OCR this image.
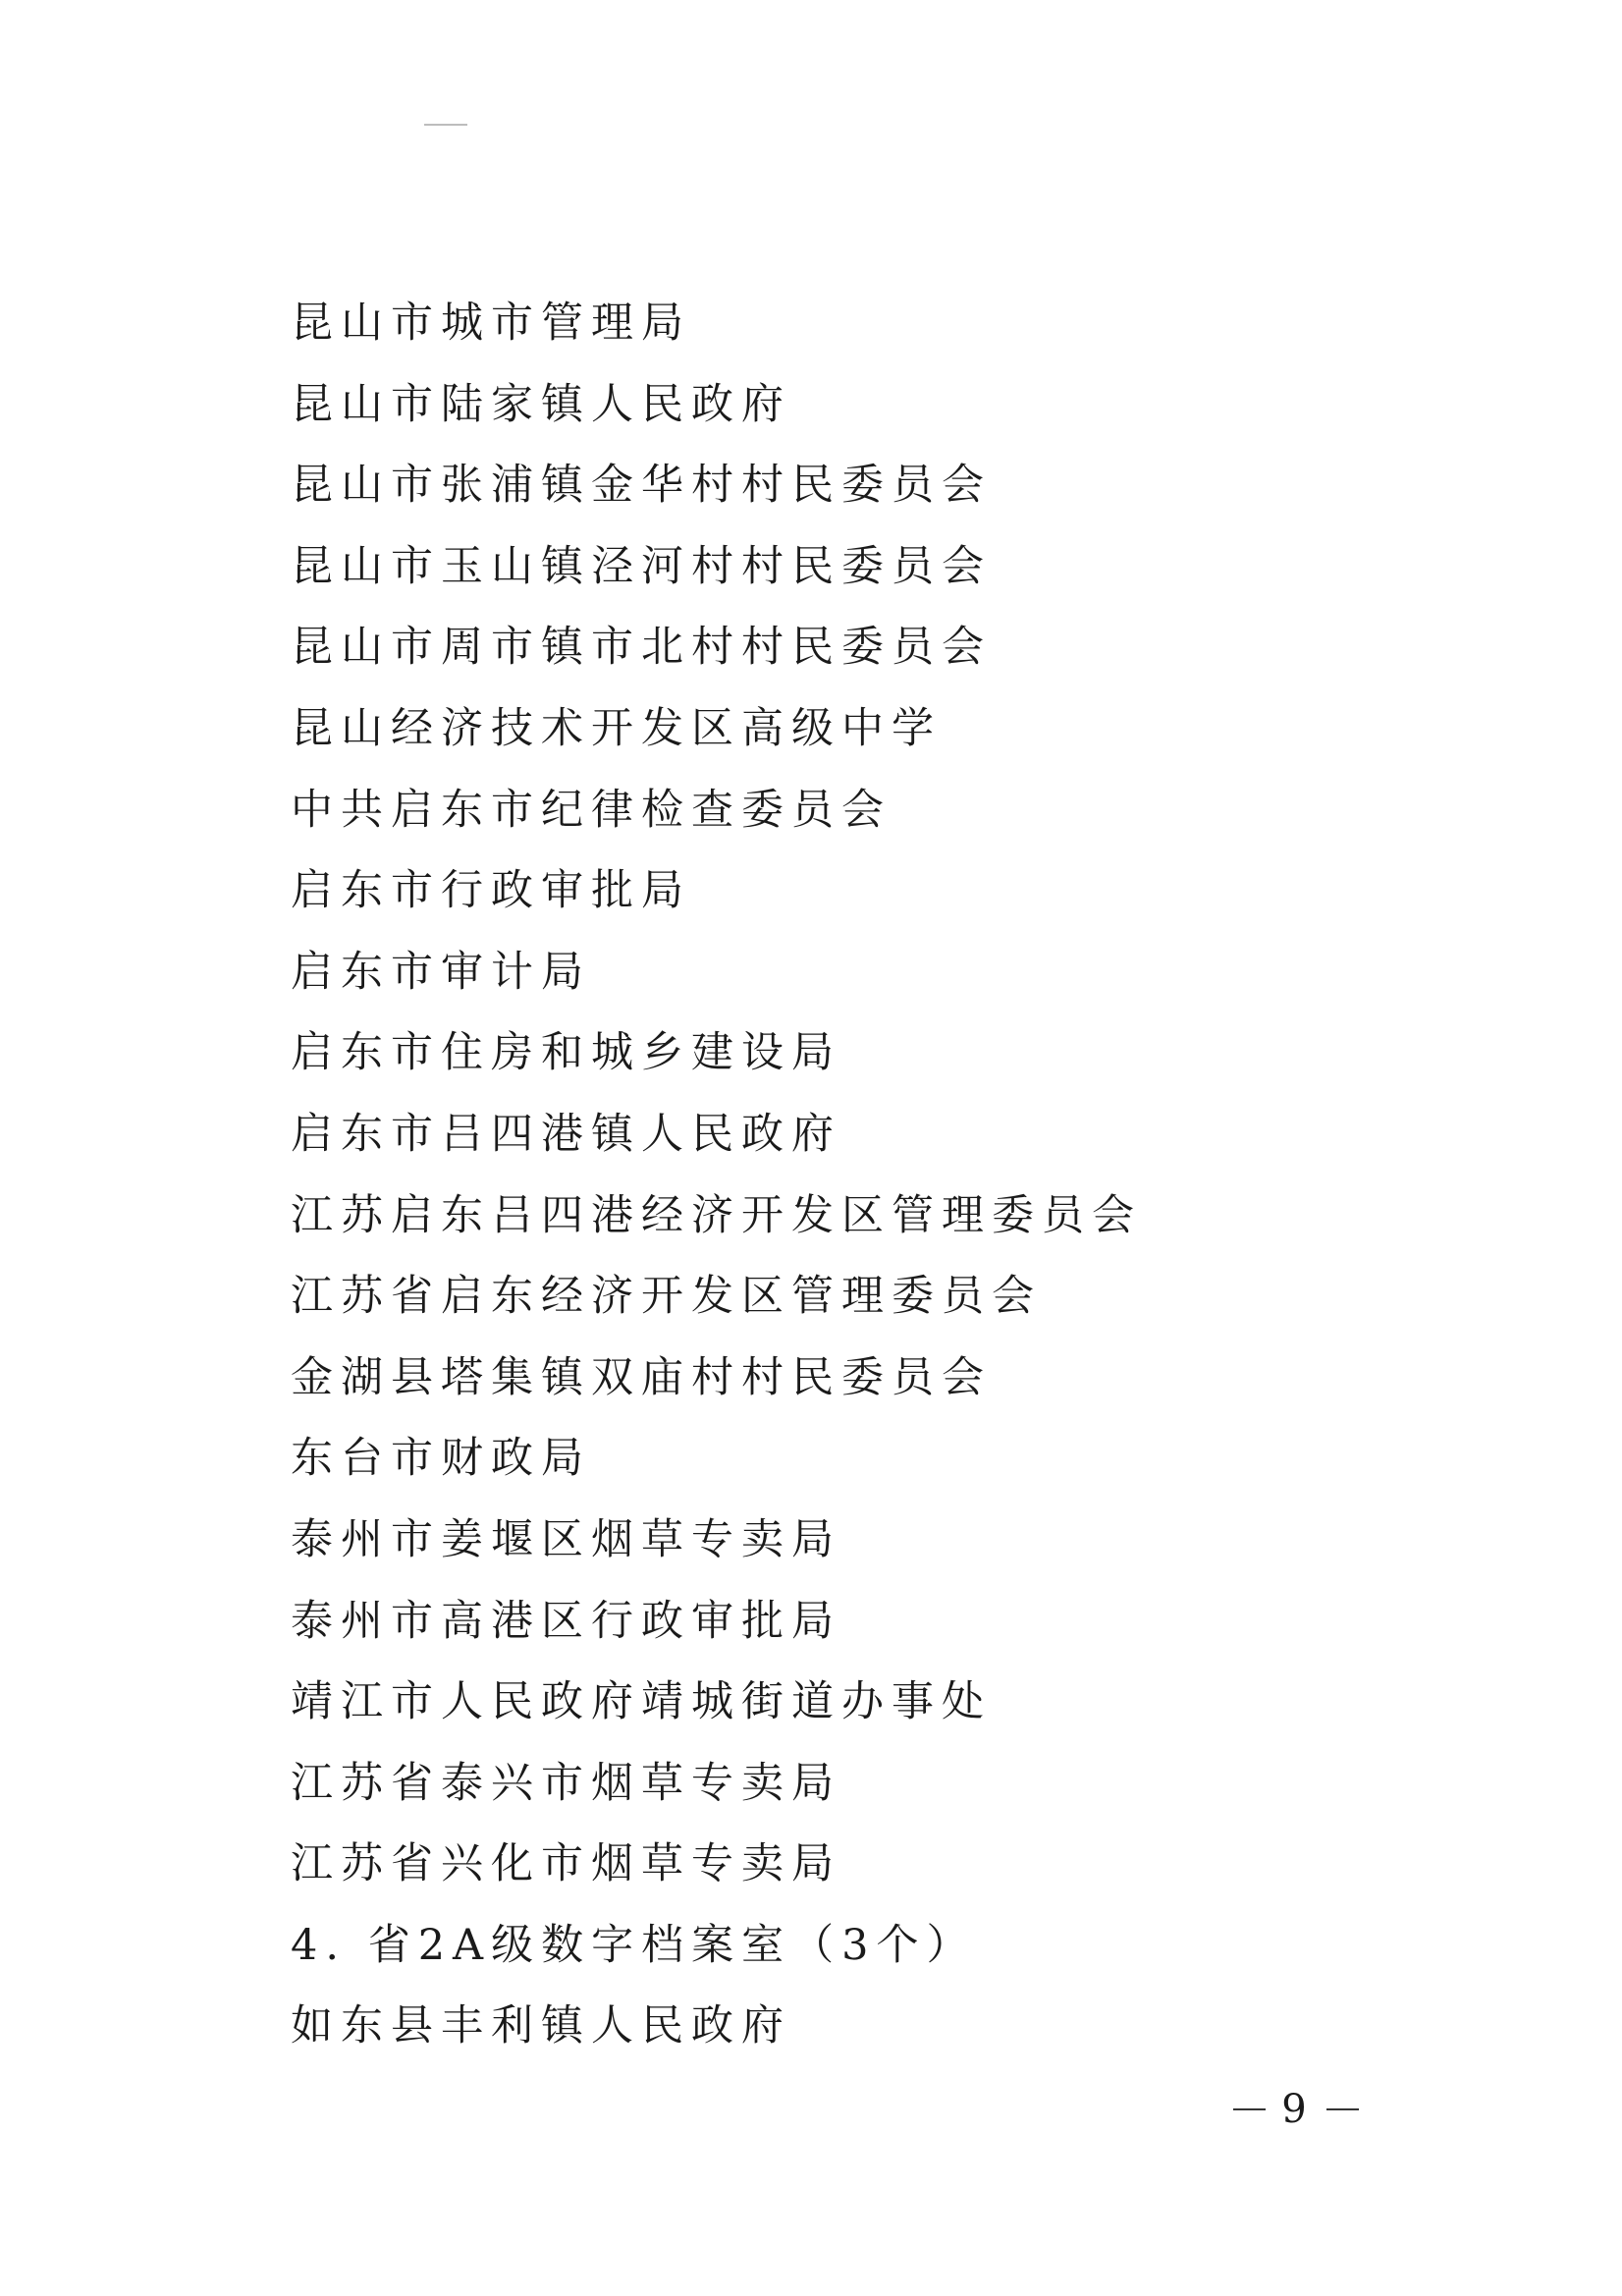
昆山市城市管理局
昆山市陆家镇人民政府
昆山市张浦镇金华村村民委员会
昆山市玉山镇泾河村村民委员会
昆山市周市镇市北村村民委员会
昆山经济技术开发区高级中学
中共启东市纪律检查委员会
启东市行政审批局
启东市审计局
启东市住房和城乡建设局
启东市吕四港镇人民政府
江苏启东吕四港经济开发区管理委员会
江苏省启东经济开发区管理委员会
金湖县塔集镇双庙村村民委员会
东台市财政局
泰州市姜堰区烟草专卖局
泰州市高港区行政审批局
靖江市人民政府靖城街道办事处
江苏省泰兴市烟草专卖局
江苏省兴化市烟草专卖局
4. 省2A级数字档案室（3个）
如东县丰利镇人民政府
9
